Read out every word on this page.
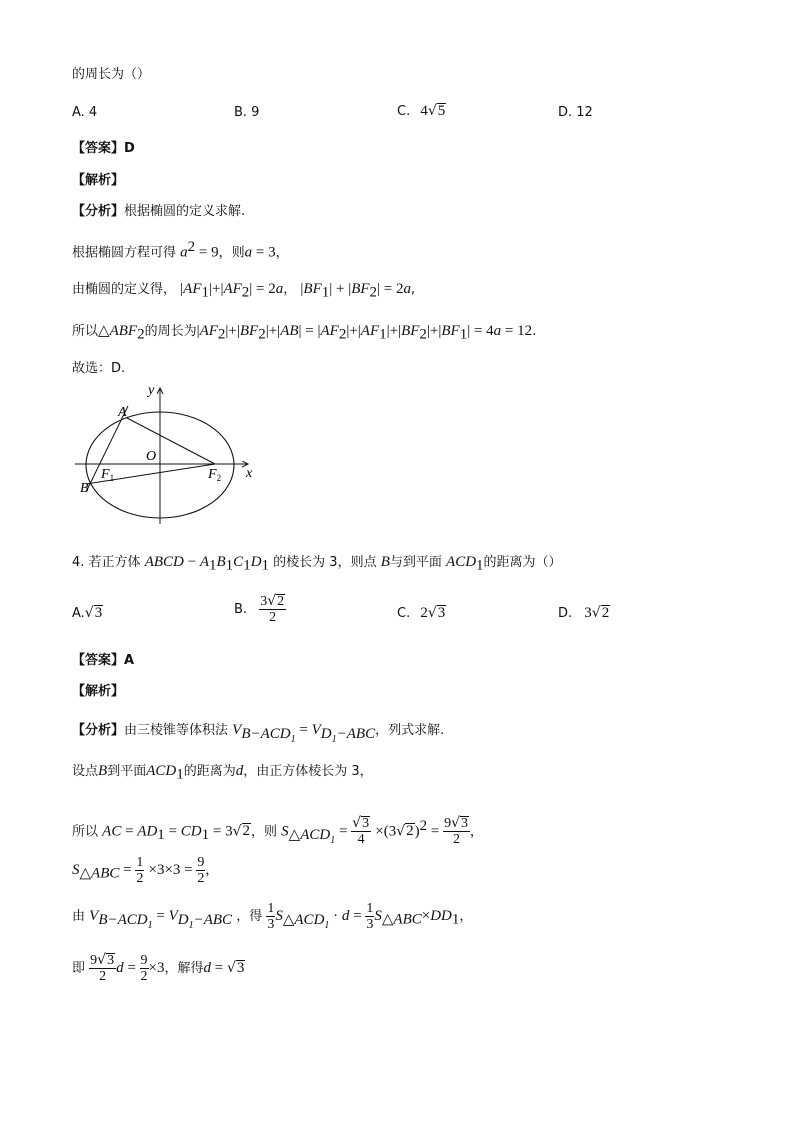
的周长为（）
A. 4	B. 9	C. 4√5	D. 12
【答案】D
【解析】
【分析】根据椭圆的定义求解.
根据椭圆方程可得 $a^2 = 9$，则a = 3，
由椭圆的定义得， $|AF_1|+|AF_2| = 2a$， $|BF_1| + |BF_2| = 2a$,
所以$\triangle ABF_2$的周长为$|AF_2|+|BF_2|+|AB| = |AF_2|+|AF_1|+|BF_2|+|BF_1| = 4a = 12$.
故选：D.
A
B
O
$F_1$	$F_2$ x
y
4. 若正方体 ABCD − $A_1B_1C_1D_1$ 的棱长为 3，则点 B与到平面 $ACD_1$的距离为（）
A.√3	B. $\frac{3√2}{2}$	C. 2√3	D. 3√2
【答案】A
【解析】
【分析】由三棱锥等体积法 $V_{B-ACD_1} = V_{D_1-ABC}$，列式求解.
设点B到平面$ACD_1$的距离为d，由正方体棱长为 3，
所以 AC = $AD_1 = CD_1 = 3√2$，则 $S_{\triangle ACD_1} = \frac{√3}{4} \times(3√2)^2 = \frac{9√3}{2}$ ，
$S_{\triangle ABC} = \frac{1}{2} \times 3\times 3 = \frac{9}{2}$ ，
由 $V_{B-ACD_1} = V_{D_1-ABC}$ ，得 $\frac{1}{3} S_{\triangle ACD_1} \cdot d = \frac{1}{3} S_{\triangle ABC}\times DD_1$，
即 $\frac{9√3}{2}$ $d = \frac{9}{2} \times 3$，解得d = √3
